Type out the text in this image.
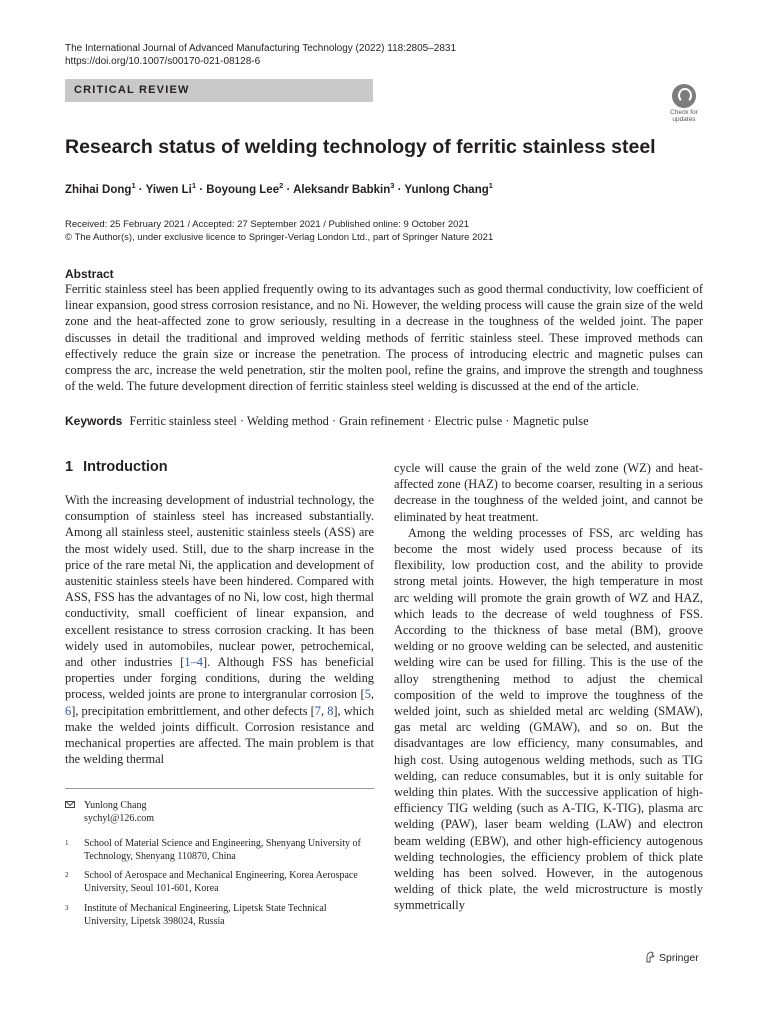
The International Journal of Advanced Manufacturing Technology (2022) 118:2805–2831
https://doi.org/10.1007/s00170-021-08128-6
CRITICAL REVIEW
Check for
updates
Research status of welding technology of ferritic stainless steel
Zhihai Dong$^1$ · Yiwen $Li^1$ · Boyoung Lee$^2$ · Aleksandr Babkin$^3$ · Yunlong Chang$^1$
Received: 25 February 2021 / Accepted: 27 September 2021 / Published online: 9 October 2021
© The Author(s), under exclusive licence to Springer-Verlag London Ltd., part of Springer Nature 2021
Abstract

Ferritic stainless steel has been applied frequently owing to its advantages such as good thermal conductivity, low coefficient of linear expansion, good stress corrosion resistance, and no Ni. However, the welding process will cause the grain size of the weld zone and the heat-affected zone to grow seriously, resulting in a decrease in the toughness of the welded joint. The paper discusses in detail the traditional and improved welding methods of ferritic stainless steel. These improved methods can effectively reduce the grain size or increase the penetration. The process of introducing electric and magnetic pulses can compress the arc, increase the weld penetration, stir the molten pool, refine the grains, and improve the strength and toughness of the weld. The future development direction of ferritic stainless steel welding is discussed at the end of the article.

Keywords Ferritic stainless steel · Welding method · Grain refinement · Electric pulse · Magnetic pulse
1 Introduction

With the increasing development of industrial technology, the consumption of stainless steel has increased substantially. Among all stainless steel, austenitic stainless steels (ASS) are the most widely used. Still, due to the sharp increase in the price of the rare metal Ni, the application and development of austenitic stainless steels have been hindered. Compared with ASS, FSS has the advantages of no Ni, low cost, high thermal conductivity, small coefficient of linear expansion, and excellent resistance to stress corrosion cracking. It has been widely used in automobiles, nuclear power, petrochemical, and other industries [1–4]. Although FSS has beneficial properties under forging conditions, during the welding process, welded joints are prone to intergranular corrosion [5, 6], precipitation embrittlement, and other defects [7, 8], which make the welded joints difficult. Corrosion resistance and mechanical properties are affected. The main problem is that the welding thermal

cycle will cause the grain of the weld zone (WZ) and heat-affected zone (HAZ) to become coarser, resulting in a serious decrease in the toughness of the welded joint, and cannot be eliminated by heat treatment.

Among the welding processes of FSS, arc welding has become the most widely used process because of its flexibility, low production cost, and the ability to provide strong metal joints. However, the high temperature in most arc welding will promote the grain growth of WZ and HAZ, which leads to the decrease of weld toughness of FSS. According to the thickness of base metal (BM), groove welding or no groove welding can be selected, and austenitic welding wire can be used for filling. This is the use of the alloy strengthening method to adjust the chemical composition of the weld to improve the toughness of the welded joint, such as shielded metal arc welding (SMAW), gas metal arc welding (GMAW), and so on. But the disadvantages are low efficiency, many consumables, and high cost. Using autogenous welding methods, such as TIG welding, can reduce consumables, but it is only suitable for welding thin plates. With the successive application of high-efficiency TIG welding (such as A-TIG, K-TIG), plasma arc welding (PAW), laser beam welding (LAW) and electron beam welding (EBW), and other high-efficiency autogenous welding technologies, the efficiency problem of thick plate welding has been solved. However, in the autogenous welding of thick plate, the weld microstructure is mostly symmetrically

Yunlong Chang
sychyl@126.com
1 School of Material Science and Engineering, Shenyang University of Technology, Shenyang 110870, China
2 School of Aerospace and Mechanical Engineering, Korea Aerospace University, Seoul 101-601, Korea
3 Institute of Mechanical Engineering, Lipetsk State Technical University, Lipetsk 398024, Russia
Springer
